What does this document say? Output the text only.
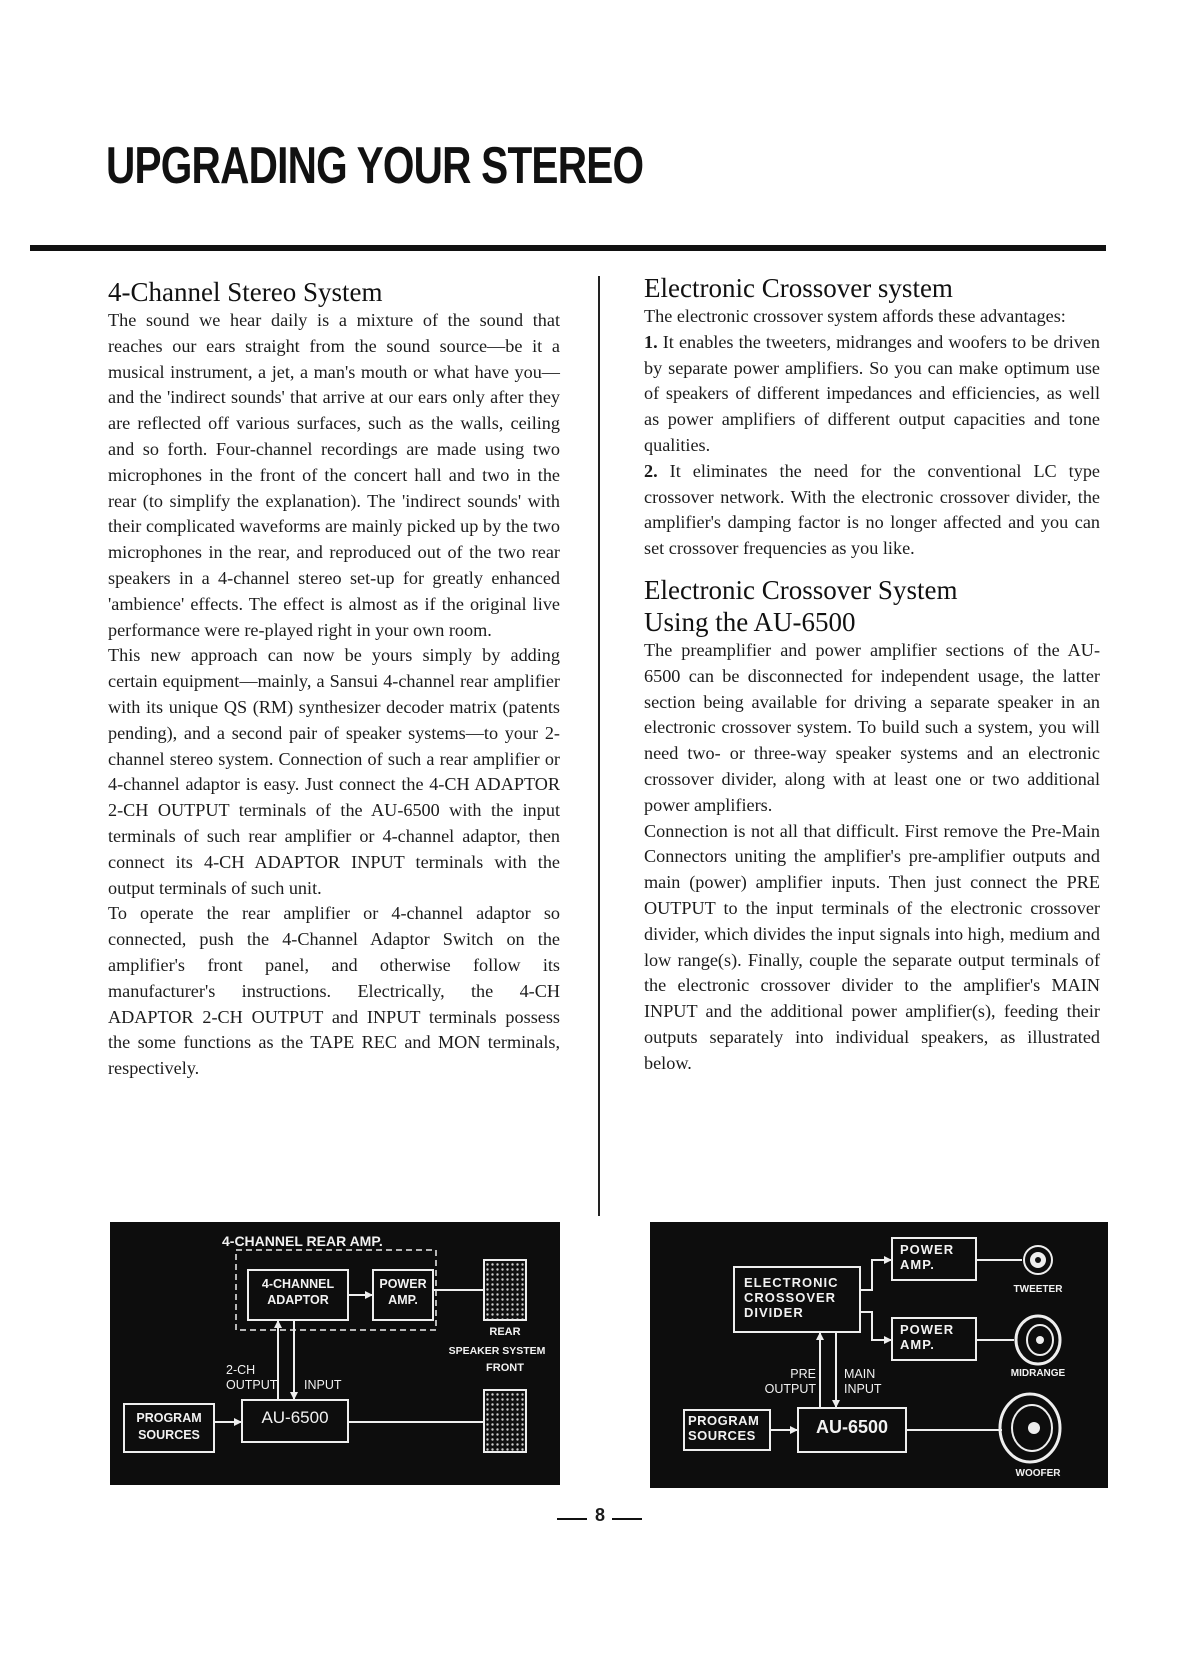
UPGRADING YOUR STEREO
4-Channel Stereo System

The sound we hear daily is a mixture of the sound that reaches our ears straight from the sound source—be it a musical instrument, a jet, a man's mouth or what have you—and the 'indirect sounds' that arrive at our ears only after they are reflected off various surfaces, such as the walls, ceiling and so forth. Four-channel recordings are made using two microphones in the front of the concert hall and two in the rear (to simplify the explanation). The 'indirect sounds' with their complicated waveforms are mainly picked up by the two microphones in the rear, and reproduced out of the two rear speakers in a 4-channel stereo set-up for greatly enhanced 'ambience' effects. The effect is almost as if the original live performance were re-played right in your own room.

This new approach can now be yours simply by adding certain equipment—mainly, a Sansui 4-channel rear amplifier with its unique QS (RM) synthesizer decoder matrix (patents pending), and a second pair of speaker systems—to your 2-channel stereo system. Connection of such a rear amplifier or 4-channel adaptor is easy. Just connect the 4-CH ADAPTOR 2-CH OUTPUT terminals of the AU-6500 with the input terminals of such rear amplifier or 4-channel adaptor, then connect its 4-CH ADAPTOR INPUT terminals with the output terminals of such unit.

To operate the rear amplifier or 4-channel adaptor so connected, push the 4-Channel Adaptor Switch on the amplifier's front panel, and otherwise follow its manufacturer's instructions. Electrically, the 4-CH ADAPTOR 2-CH OUTPUT and INPUT terminals possess the some functions as the TAPE REC and MON terminals, respectively.

Electronic Crossover system

The electronic crossover system affords these advantages:

1. It enables the tweeters, midranges and woofers to be driven by separate power amplifiers. So you can make optimum use of speakers of different impedances and efficiencies, as well as power amplifiers of different output capacities and tone qualities.

2. It eliminates the need for the conventional LC type crossover network. With the electronic crossover divider, the amplifier's damping factor is no longer affected and you can set crossover frequencies as you like.

Electronic Crossover System
Using the AU-6500

The preamplifier and power amplifier sections of the AU-6500 can be disconnected for independent usage, the latter section being available for driving a separate speaker in an electronic crossover system. To build such a system, you will need two- or three-way speaker systems and an electronic crossover divider, along with at least one or two additional power amplifiers.

Connection is not all that difficult. First remove the Pre-Main Connectors uniting the amplifier's pre-amplifier outputs and main (power) amplifier inputs. Then just connect the PRE OUTPUT to the input terminals of the electronic crossover divider, which divides the input signals into high, medium and low range(s). Finally, couple the separate output terminals of the electronic crossover divider to the amplifier's MAIN INPUT and the additional power amplifier(s), feeding their outputs separately into individual speakers, as illustrated below.

4-CHANNEL REAR AMP.
4-CHANNEL
ADAPTOR
POWER
AMP.
REAR
SPEAKER SYSTEM
FRONT
2-CH
OUTPUT INPUT
PROGRAM
SOURCES
AU-6500
ELECTRONIC
CROSSOVER
DIVIDER
POWER
AMP.
POWER
AMP.
TWEETER
MIDRANGE
WOOFER
PRE
OUTPUT
MAIN
INPUT
PROGRAM
SOURCES	AU-6500
8
